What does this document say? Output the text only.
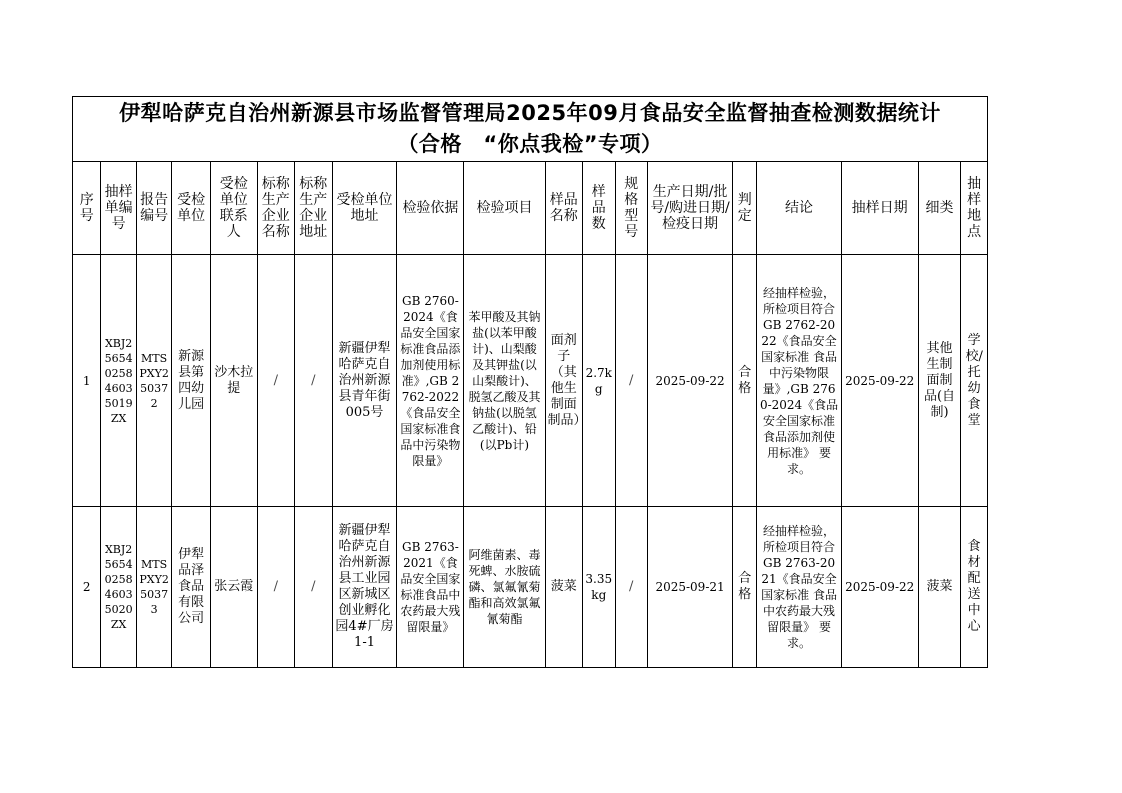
伊犁哈萨克自治州新源县市场监督管理局2025年09月食品安全监督抽查检测数据统计
（合格　“你点我检”专项）																		

序号	抽样单编号	报告编号	受检单位	受检单位联系人	标称生产企业名称	标称生产企业地址	受检单位地址	检验依据	检验项目	样品名称	样品数	规格型号	生产日期/批号/购进日期/检疫日期	判定	结论	抽样日期	细类	抽样地点
1	XBJ25654025846035019ZX	MTSPXY250372	新源县第四幼儿园	沙木拉提	/	/	新疆伊犁哈萨克自治州新源县青年街005号	GB 2760-2024《食品安全国家标准食品添加剂使用标准》,GB 2762-2022《食品安全国家标准食品中污染物限量》	苯甲酸及其钠盐(以苯甲酸计)、山梨酸及其钾盐(以山梨酸计)、脱氢乙酸及其钠盐(以脱氢乙酸计)、铅(以Pb计)	面剂子（其他生制面制品）	2.7kg	/	2025-09-22	合格	经抽样检验，所检项目符合 GB 2762-2022《食品安全国家标准 食品中污染物限量》,GB 2760-2024《食品安全国家标准 食品添加剂使用标准》 要求。	2025-09-22	其他生制面制品(自制)	学校/托幼食堂
2	XBJ25654025846035020ZX	MTSPXY250373	伊犁品泽食品有限公司	张云霞	/	/	新疆伊犁哈萨克自治州新源县工业园区新城区创业孵化园4#厂房1-1	GB 2763-2021《食品安全国家标准食品中农药最大残留限量》	阿维菌素、毒死蜱、水胺硫磷、氯氟氰菊酯和高效氯氟氰菊酯	菠菜	3.35kg	/	2025-09-21	合格	经抽样检验，所检项目符合 GB 2763-2021《食品安全国家标准 食品中农药最大残留限量》 要求。	2025-09-22	菠菜	食材配送中心
